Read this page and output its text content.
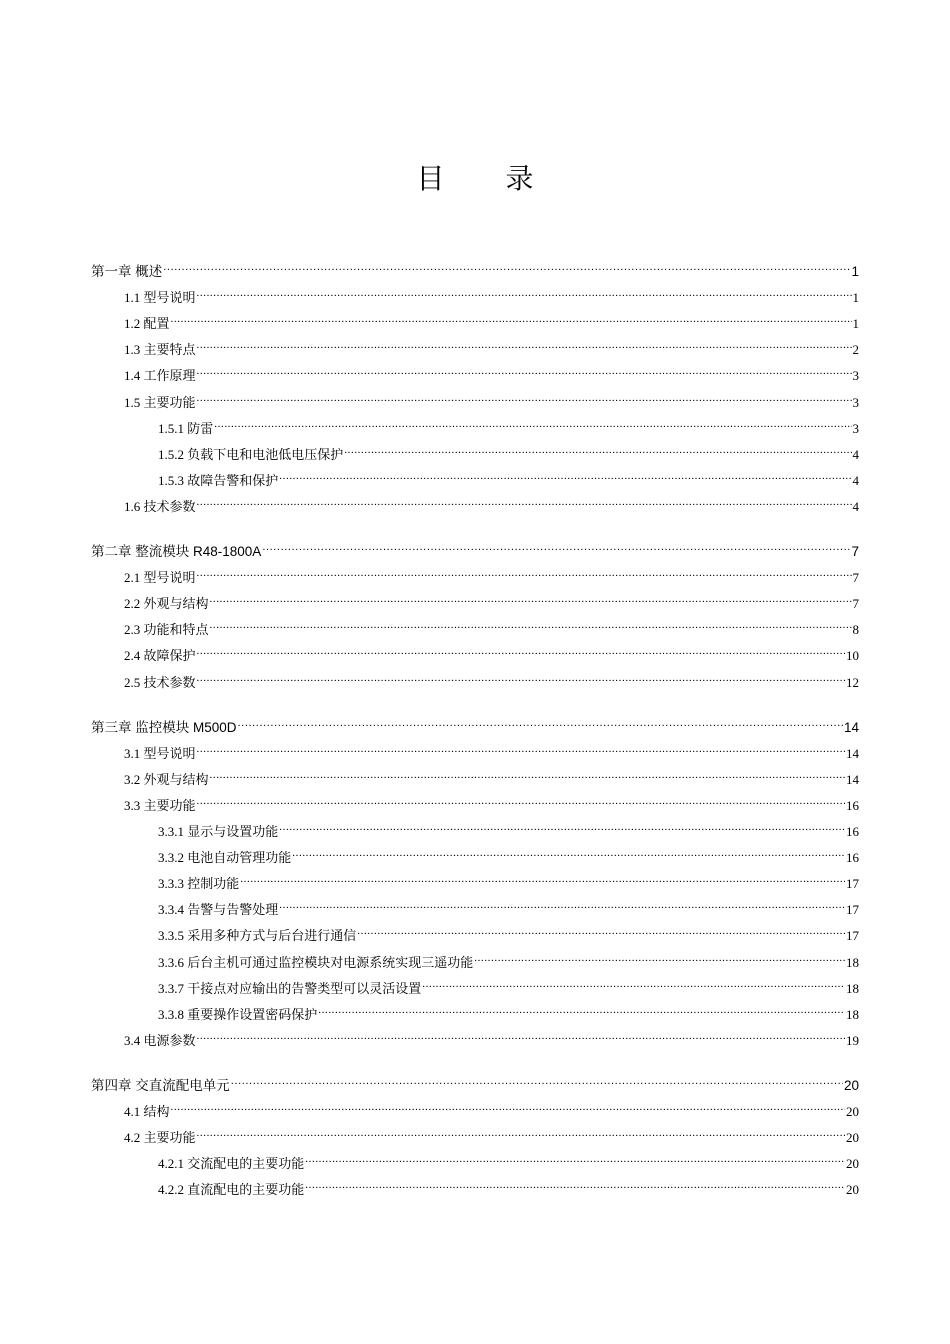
目 录
第一章 概述 .....	1
1.1 型号说明 .....	1
1.2 配置 .....	1
1.3 主要特点 .....	2
1.4 工作原理 .....	3
1.5 主要功能 .....	3
1.5.1 防雷 .....	3
1.5.2 负载下电和电池低电压保护 .....	4
1.5.3 故障告警和保护 .....	4
1.6 技术参数 .....	4
第二章 整流模块 R48-1800A .....	7
2.1 型号说明 .....	7
2.2 外观与结构 .....	7
2.3 功能和特点 .....	8
2.4 故障保护 .....	10
2.5 技术参数 .....	12
第三章 监控模块 M500D .....	14
3.1 型号说明 .....	14
3.2 外观与结构 .....	14
3.3 主要功能 .....	16
3.3.1 显示与设置功能 .....	16
3.3.2 电池自动管理功能 .....	16
3.3.3 控制功能 .....	17
3.3.4 告警与告警处理 .....	17
3.3.5 采用多种方式与后台进行通信 .....	17
3.3.6 后台主机可通过监控模块对电源系统实现三遥功能 .....	18
3.3.7 干接点对应输出的告警类型可以灵活设置 .....	18
3.3.8 重要操作设置密码保护 .....	18
3.4 电源参数 .....	19
第四章 交直流配电单元 .....	20
4.1 结构 .....	20
4.2 主要功能 .....	20
4.2.1 交流配电的主要功能 .....	20
4.2.2 直流配电的主要功能 .....	20
